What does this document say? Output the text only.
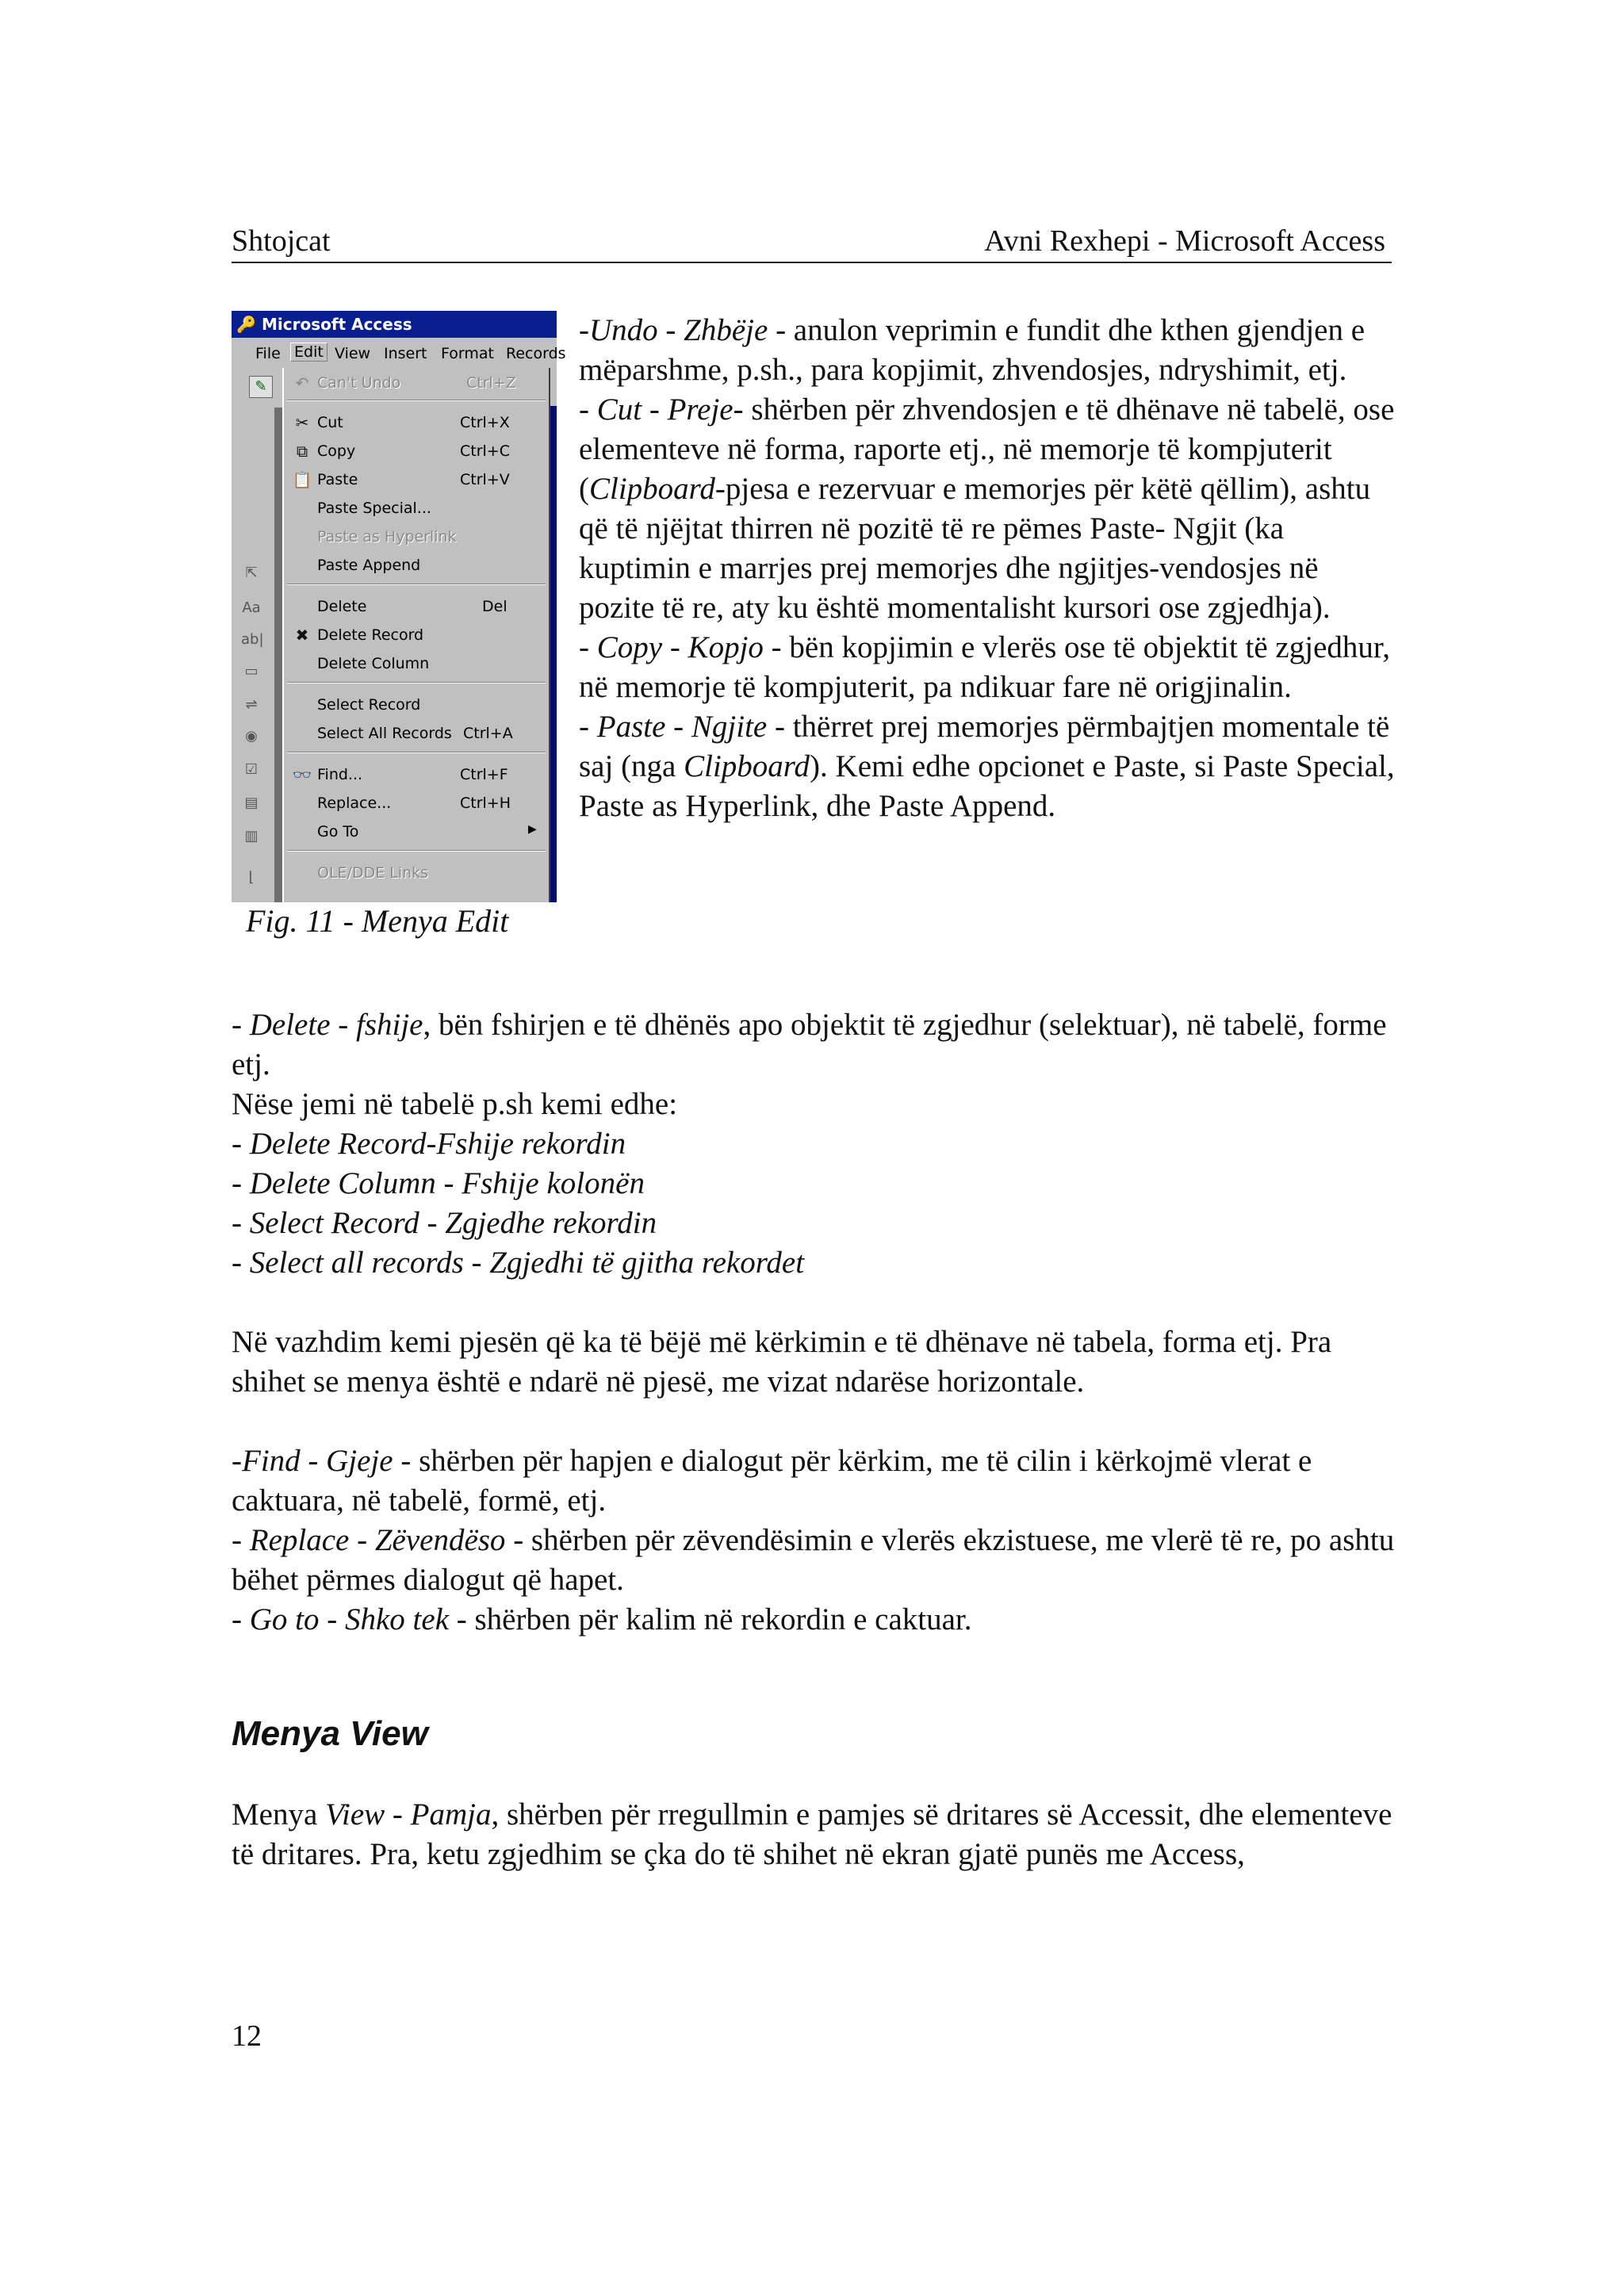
Shtojcat	Avni Rexhepi - Microsoft Access
🔑 Microsoft Access
File Edit View Insert Format Records
✎
⇱
Aa
ab|
▭
⇌
◉
☑
▤
▥
⌊
↶ Can't Undo	Ctrl+Z
✂ Cut	Ctrl+X
⧉ Copy	Ctrl+C
📋 Paste	Ctrl+V
Paste Special...
Paste as Hyperlink
Paste Append
Delete	Del
✖ Delete Record
Delete Column
Select Record
Select All Records Ctrl+A
👓 Find...	Ctrl+F
Replace...	Ctrl+H
Go To	▶
OLE/DDE Links
Fig. 11 - Menya Edit

-Undo - Zhbëje - anulon veprimin e fundit dhe kthen gjendjen e mëparshme, p.sh., para kopjimit, zhvendosjes, ndryshimit, etj.

- Cut - Preje- shërben për zhvendosjen e të dhënave në tabelë, ose elementeve në forma, raporte etj., në memorje të kompjuterit (Clipboard-pjesa e rezervuar e memorjes për këtë qëllim), ashtu që të njëjtat thirren në pozitë të re pëmes Paste- Ngjit (ka kuptimin e marrjes prej memorjes dhe ngjitjes-vendosjes në pozite të re, aty ku është momentalisht kursori ose zgjedhja).

- Copy - Kopjo - bën kopjimin e vlerës ose të objektit të zgjedhur, në memorje të kompjuterit, pa ndikuar fare në origjinalin.

- Paste - Ngjite - thërret prej memorjes përmbajtjen momentale të saj (nga Clipboard). Kemi edhe opcionet e Paste, si Paste Special, Paste as Hyperlink, dhe Paste Append.

- Delete - fshije, bën fshirjen e të dhënës apo objektit të zgjedhur (selektuar), në tabelë, forme etj.

Nëse jemi në tabelë p.sh kemi edhe:

- Delete Record-Fshije rekordin

- Delete Column - Fshije kolonën

- Select Record - Zgjedhe rekordin

- Select all records - Zgjedhi të gjitha rekordet

Në vazhdim kemi pjesën që ka të bëjë më kërkimin e të dhënave në tabela, forma etj. Pra shihet se menya është e ndarë në pjesë, me vizat ndarëse horizontale.

-Find - Gjeje - shërben për hapjen e dialogut për kërkim, me të cilin i kërkojmë vlerat e caktuara, në tabelë, formë, etj.

- Replace - Zëvendëso - shërben për zëvendësimin e vlerës ekzistuese, me vlerë të re, po ashtu bëhet përmes dialogut që hapet.

- Go to - Shko tek - shërben për kalim në rekordin e caktuar.

Menya View

Menya View - Pamja, shërben për rregullmin e pamjes së dritares së Accessit, dhe elementeve të dritares. Pra, ketu zgjedhim se çka do të shihet në ekran gjatë punës me Access,

12
